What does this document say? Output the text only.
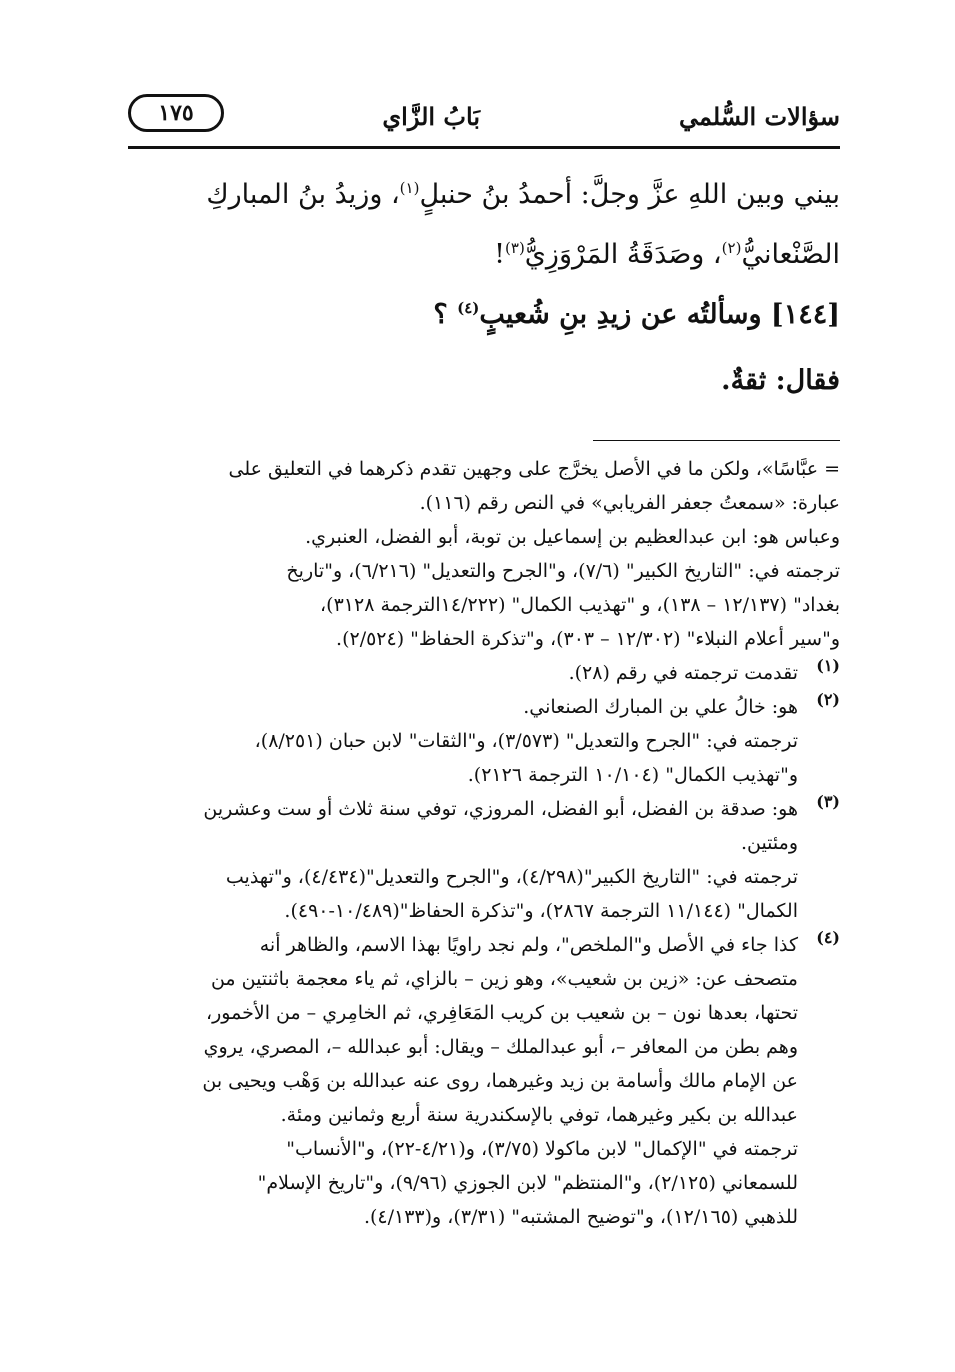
سؤالات السُّلمي
بَابُ الزَّاي
١٧٥

بيني وبين اللهِ عزَّ وجلَّ: أحمدُ بنُ حنبلٍ$^{(١)}$، وزيدُ بنُ المباركِ

الصَّنْعانيُّ$^{(٢)}$، وصَدَقَةُ المَرْوَزِيُّ$^{(٣)}$!

[١٤٤] وسألتُه عن زيدِ بنِ شُعيبٍ$^{(٤)}$ ؟

فقال: ثقةٌ.

= عبَّاسًا»، ولكن ما في الأصل يخرَّج على وجهين تقدم ذكرهما في التعليق على

عبارة: «سمعتُ جعفر الفريابي» في النص رقم (١١٦).

وعباس هو: ابن عبدالعظيم بن إسماعيل بن توبة، أبو الفضل، العنبري.

ترجمته في: "التاريخ الكبير" (٧/٦)، و"الجرح والتعديل" (٦/٢١٦)، و"تاريخ

بغداد" (١٢/١٣٧ – ١٣٨)، و "تهذيب الكمال" (١٤/٢٢٢الترجمة ٣١٢٨)،

و"سير أعلام النبلاء" (١٢/٣٠٢ – ٣٠٣)، و"تذكرة الحفاظ" (٢/٥٢٤).

(١)

تقدمت ترجمته في رقم (٢٨).

(٢)

هو: خالُ علي بن المبارك الصنعاني.

ترجمته في: "الجرح والتعديل" (٣/٥٧٣)، و"الثقات" لابن حبان (٨/٢٥١)،

و"تهذيب الكمال" (١٠/١٠٤ الترجمة ٢١٢٦).

(٣)

هو: صدقة بن الفضل، أبو الفضل، المروزي، توفي سنة ثلاث أو ست وعشرين

ومئتين.

ترجمته في: "التاريخ الكبير"(٤/٢٩٨)، و"الجرح والتعديل"(٤/٤٣٤)، و"تهذيب

الكمال" (١١/١٤٤ الترجمة ٢٨٦٧)، و"تذكرة الحفاظ"(١٠/٤٨٩-٤٩٠).

(٤)

كذا جاء في الأصل و"الملخص"، ولم نجد راويًا بهذا الاسم، والظاهر أنه

متصحف عن: «زين بن شعيب»، وهو زين – بالزاي، ثم ياء معجمة باثنتين من

تحتها، بعدها نون – بن شعيب بن كريب المَعَافِري، ثم الخامِري – من الأخمور،

وهم بطن من المعافر –، أبو عبدالملك – ويقال: أبو عبدالله –، المصري، يروي

عن الإمام مالك وأسامة بن زيد وغيرهما، روى عنه عبدالله بن وَهْب ويحيى بن

عبدالله بن بكير وغيرهما، توفي بالإسكندرية سنة أربع وثمانين ومئة.

ترجمته في "الإكمال" لابن ماكولا (٣/٧٥)، و(٤/٢١-٢٢)، و"الأنساب"

للسمعاني (٢/١٢٥)، و"المنتظم" لابن الجوزي (٩/٩٦)، و"تاريخ الإسلام"

للذهبي (١٢/١٦٥)، و"توضيح المشتبه" (٣/٣١)، و(٤/١٣٣).
